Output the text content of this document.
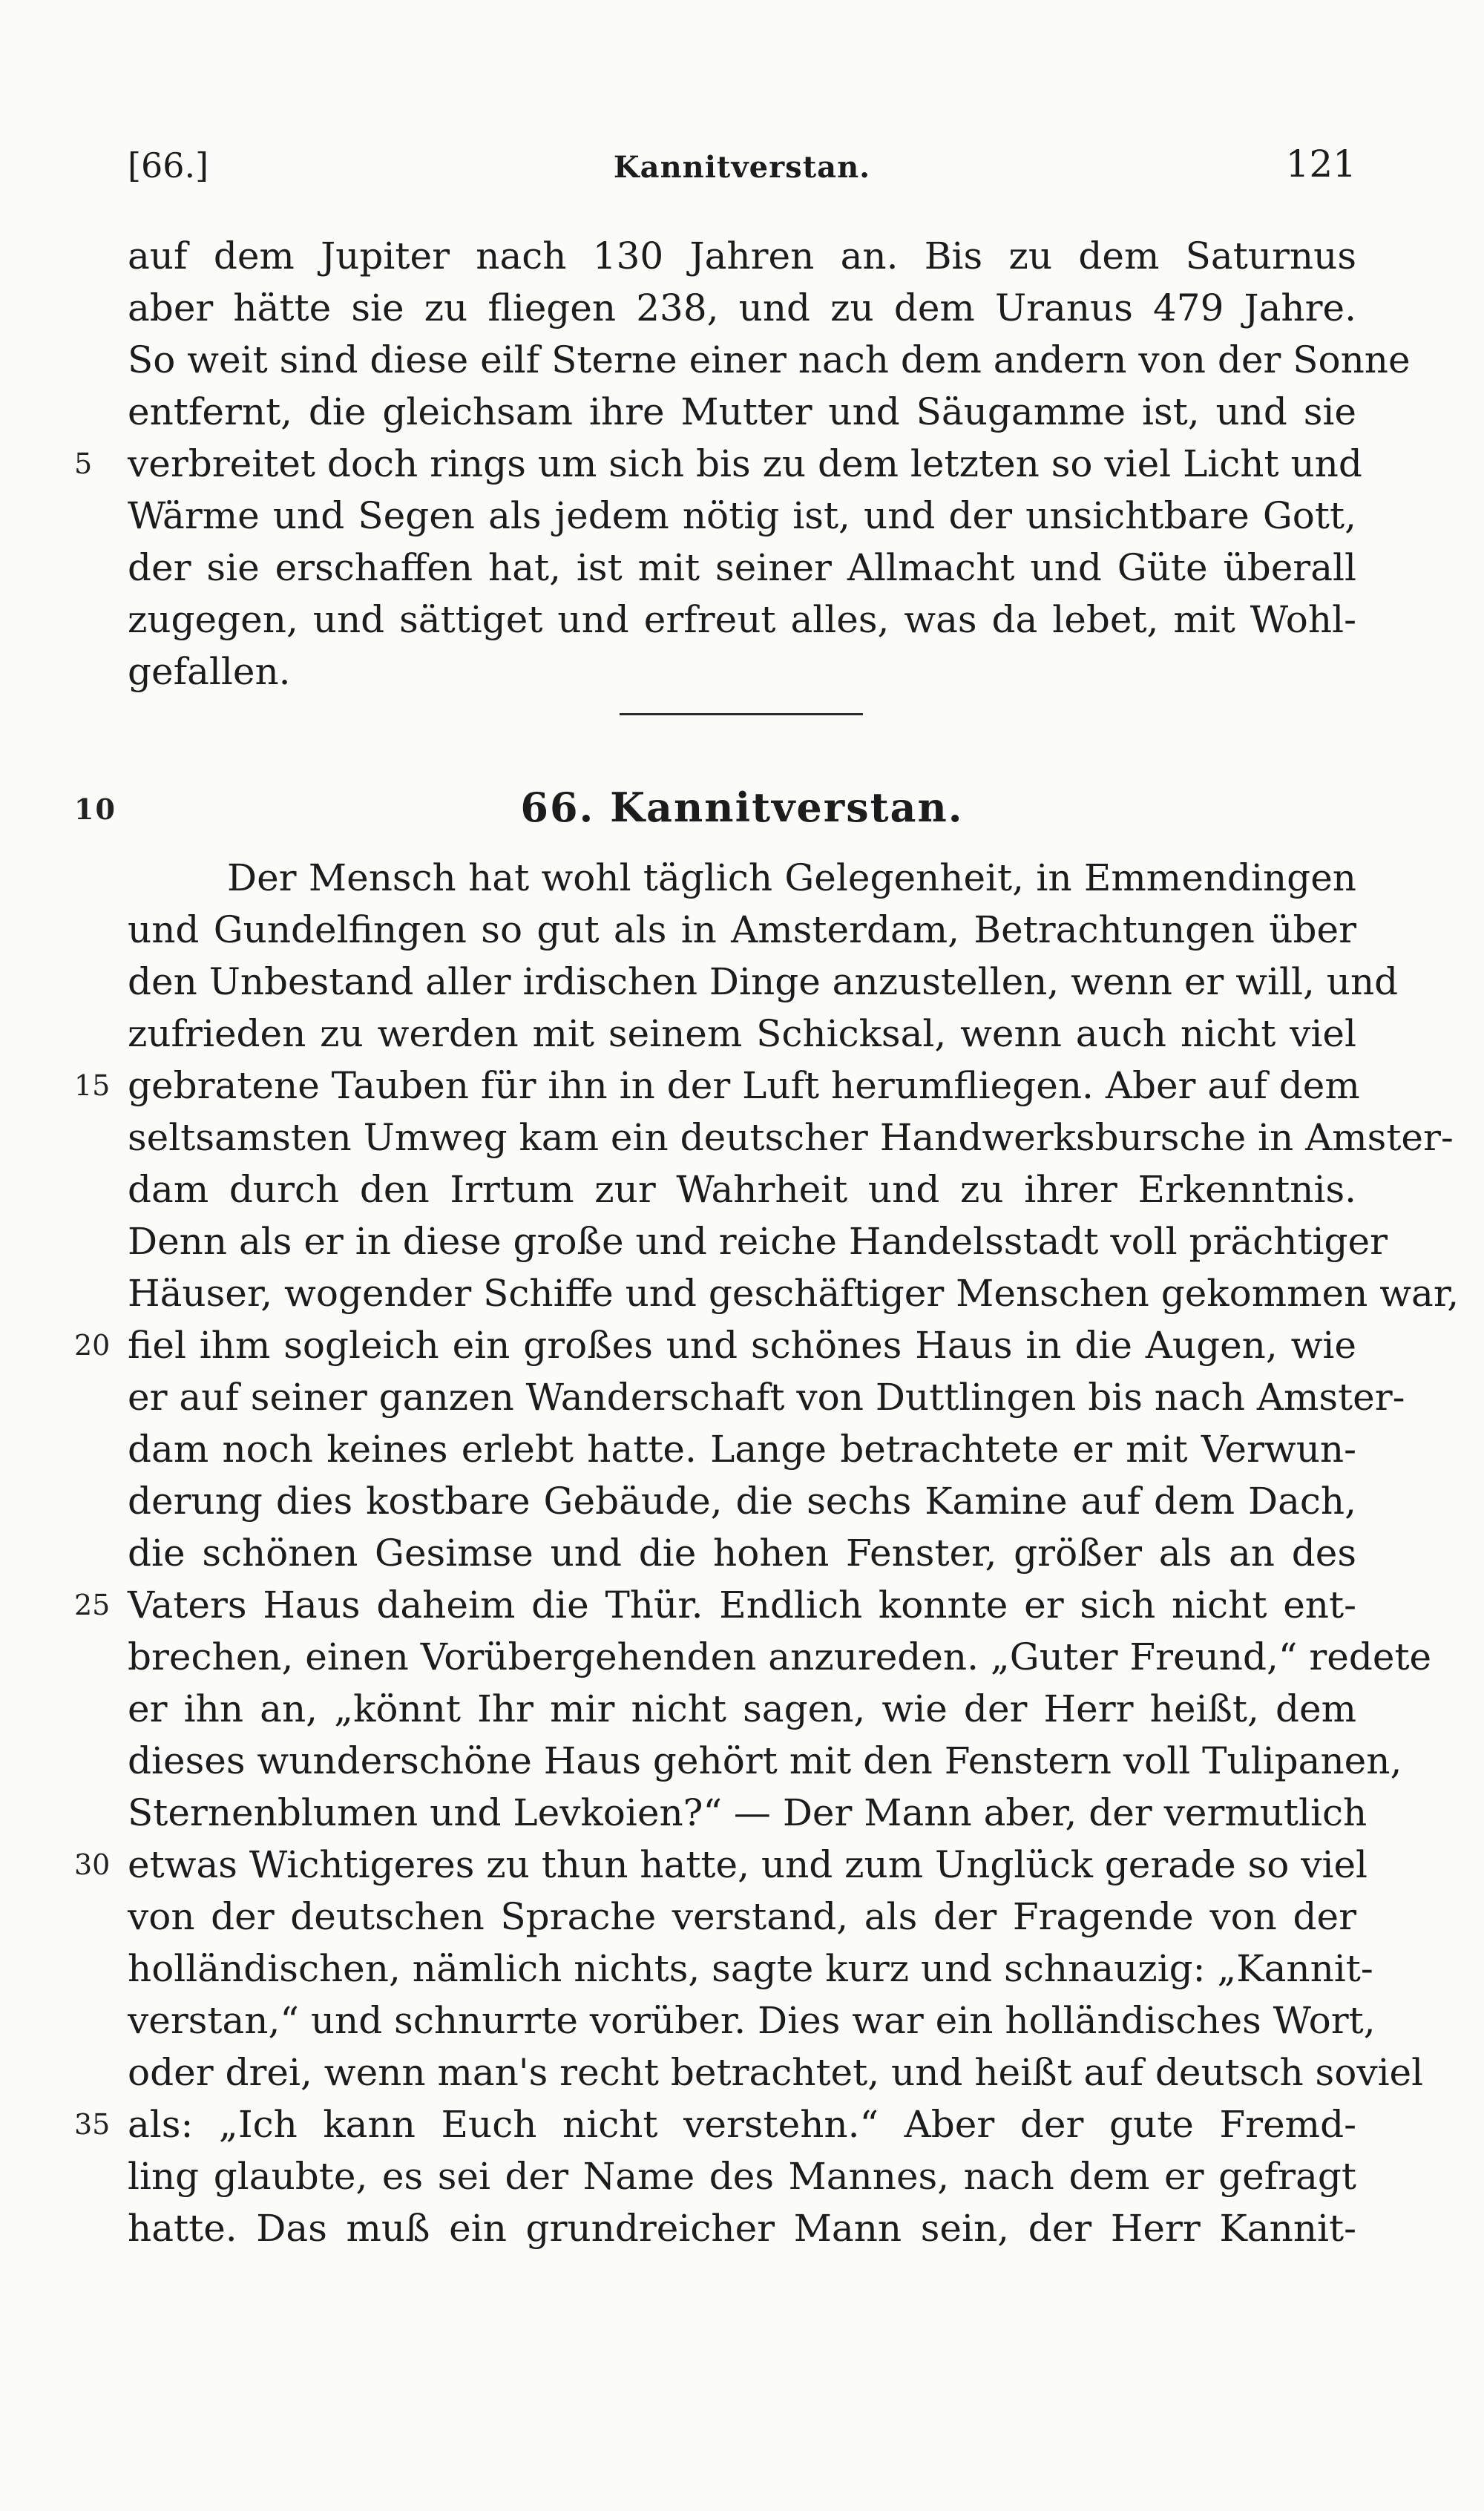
[66.]	Kannitverstan.	121
auf dem Jupiter nach 130 Jahren an. Bis zu dem Saturnus
aber hätte sie zu fliegen 238, und zu dem Uranus 479 Jahre.
So weit sind diese eilf Sterne einer nach dem andern von der Sonne
entfernt, die gleichsam ihre Mutter und Säugamme ist, und sie
5 verbreitet doch rings um sich bis zu dem letzten so viel Licht und
Wärme und Segen als jedem nötig ist, und der unsichtbare Gott,
der sie erschaffen hat, ist mit seiner Allmacht und Güte überall
zugegen, und sättiget und erfreut alles, was da lebet, mit Wohl-
gefallen.
10	66. Kannitverstan.
Der Mensch hat wohl täglich Gelegenheit, in Emmendingen
und Gundelfingen so gut als in Amsterdam, Betrachtungen über
den Unbestand aller irdischen Dinge anzustellen, wenn er will, und
zufrieden zu werden mit seinem Schicksal, wenn auch nicht viel
15 gebratene Tauben für ihn in der Luft herumfliegen. Aber auf dem
seltsamsten Umweg kam ein deutscher Handwerksbursche in Amster-
dam durch den Irrtum zur Wahrheit und zu ihrer Erkenntnis.
Denn als er in diese große und reiche Handelsstadt voll prächtiger
Häuser, wogender Schiffe und geschäftiger Menschen gekommen war,
20 fiel ihm sogleich ein großes und schönes Haus in die Augen, wie
er auf seiner ganzen Wanderschaft von Duttlingen bis nach Amster-
dam noch keines erlebt hatte. Lange betrachtete er mit Verwun-
derung dies kostbare Gebäude, die sechs Kamine auf dem Dach,
die schönen Gesimse und die hohen Fenster, größer als an des
25 Vaters Haus daheim die Thür. Endlich konnte er sich nicht ent-
brechen, einen Vorübergehenden anzureden. „Guter Freund,“ redete
er ihn an, „könnt Ihr mir nicht sagen, wie der Herr heißt, dem
dieses wunderschöne Haus gehört mit den Fenstern voll Tulipanen,
Sternenblumen und Levkoien?“ — Der Mann aber, der vermutlich
30 etwas Wichtigeres zu thun hatte, und zum Unglück gerade so viel
von der deutschen Sprache verstand, als der Fragende von der
holländischen, nämlich nichts, sagte kurz und schnauzig: „Kannit-
verstan,“ und schnurrte vorüber. Dies war ein holländisches Wort,
oder drei, wenn man's recht betrachtet, und heißt auf deutsch soviel
35 als: „Ich kann Euch nicht verstehn.“ Aber der gute Fremd-
ling glaubte, es sei der Name des Mannes, nach dem er gefragt
hatte. Das muß ein grundreicher Mann sein, der Herr Kannit-
